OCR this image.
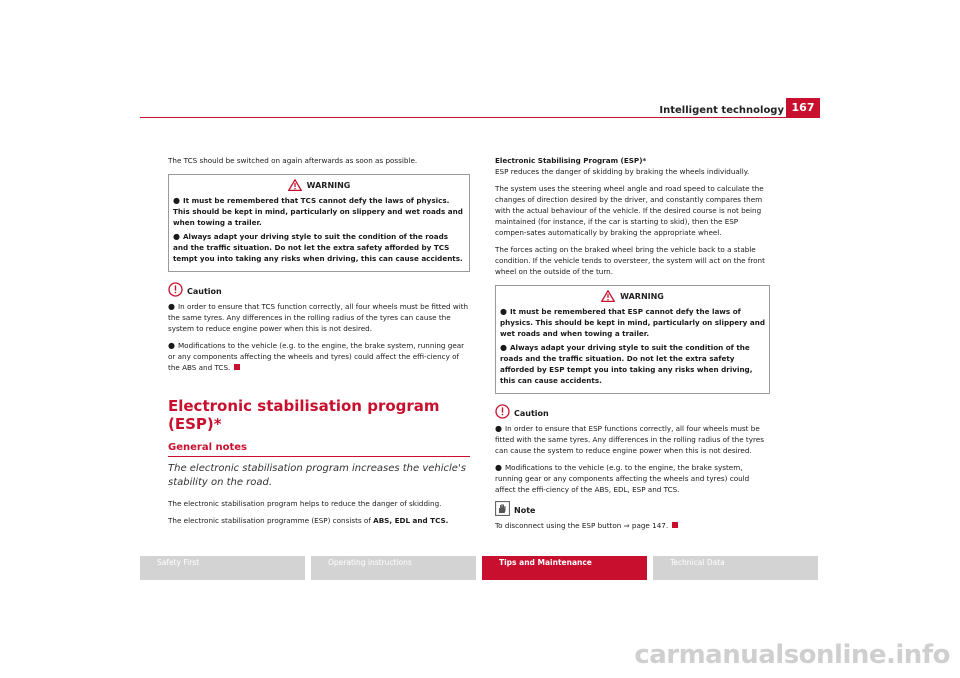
Intelligent technology 167

The TCS should be switched on again afterwards as soon as possible.

WARNING
● It must be remembered that TCS cannot defy the laws of physics. This should be kept in mind, particularly on slippery and wet roads and when towing a trailer.
● Always adapt your driving style to suit the condition of the roads and the traffic situation. Do not let the extra safety afforded by TCS tempt you into taking any risks when driving, this can cause accidents.
Caution

● In order to ensure that TCS function correctly, all four wheels must be fitted with the same tyres. Any differences in the rolling radius of the tyres can cause the system to reduce engine power when this is not desired.

● Modifications to the vehicle (e.g. to the engine, the brake system, running gear or any components affecting the wheels and tyres) could affect the effi-ciency of the ABS and TCS.

Electronic stabilisation program (ESP)*
General notes
The electronic stabilisation program increases the vehicle's stability on the road.

The electronic stabilisation program helps to reduce the danger of skidding.

The electronic stabilisation programme (ESP) consists of ABS, EDL and TCS.

Electronic Stabilising Program (ESP)*

ESP reduces the danger of skidding by braking the wheels individually.

The system uses the steering wheel angle and road speed to calculate the changes of direction desired by the driver, and constantly compares them with the actual behaviour of the vehicle. If the desired course is not being maintained (for instance, if the car is starting to skid), then the ESP compen-sates automatically by braking the appropriate wheel.

The forces acting on the braked wheel bring the vehicle back to a stable condition. If the vehicle tends to oversteer, the system will act on the front wheel on the outside of the turn.

WARNING
● It must be remembered that ESP cannot defy the laws of physics. This should be kept in mind, particularly on slippery and wet roads and when towing a trailer.
● Always adapt your driving style to suit the condition of the roads and the traffic situation. Do not let the extra safety afforded by ESP tempt you into taking any risks when driving, this can cause accidents.
Caution

● In order to ensure that ESP functions correctly, all four wheels must be fitted with the same tyres. Any differences in the rolling radius of the tyres can cause the system to reduce engine power when this is not desired.

● Modifications to the vehicle (e.g. to the engine, the brake system, running gear or any components affecting the wheels and tyres) could affect the effi-ciency of the ABS, EDL, ESP and TCS.

Note

To disconnect using the ESP button ⇒ page 147.

Safety First	Operating instructions	Tips and Maintenance	Technical Data
carmanualsonline.info
